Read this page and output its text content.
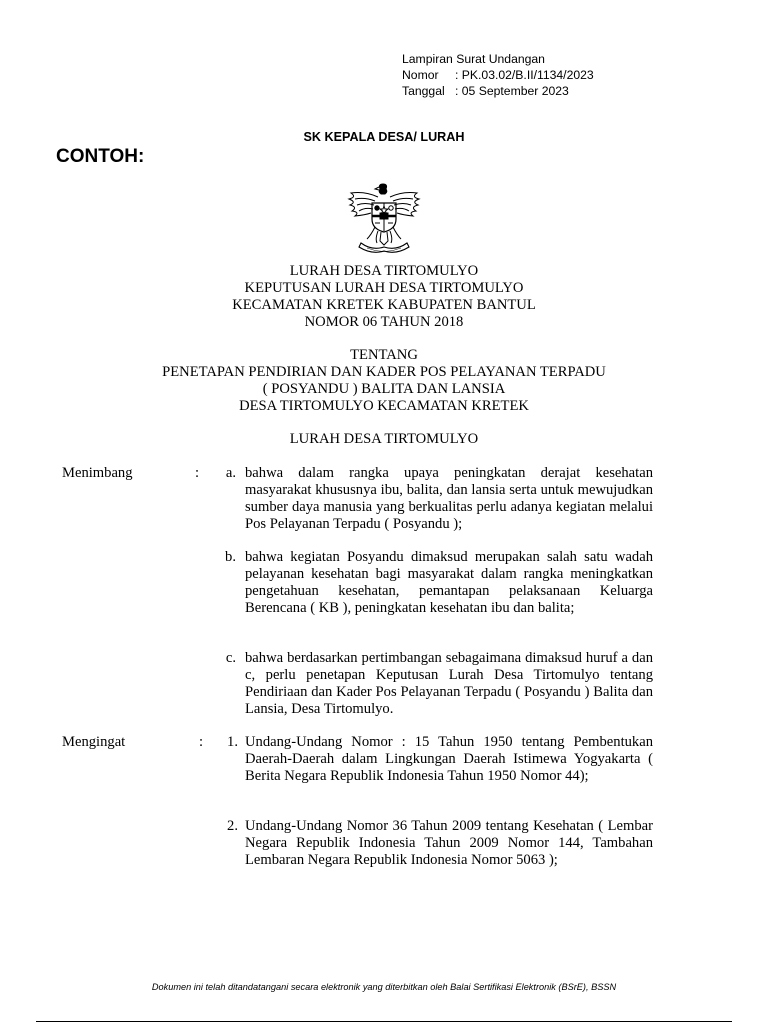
Lampiran Surat Undangan
Nomor : PK.03.02/B.II/1134/2023
Tanggal : 05 September 2023
SK KEPALA DESA/ LURAH
CONTOH:
LURAH DESA TIRTOMULYO
KEPUTUSAN LURAH DESA TIRTOMULYO
KECAMATAN KRETEK KABUPATEN BANTUL
NOMOR 06 TAHUN 2018
TENTANG
PENETAPAN PENDIRIAN DAN KADER POS PELAYANAN TERPADU
( POSYANDU ) BALITA DAN LANSIA
DESA TIRTOMULYO KECAMATAN KRETEK
LURAH DESA TIRTOMULYO
Menimbang	:	a. bahwa dalam rangka upaya peningkatan derajat kesehatan masyarakat khususnya ibu, balita, dan lansia serta untuk mewujudkan sumber daya manusia yang berkualitas perlu adanya kegiatan melalui Pos Pelayanan Terpadu ( Posyandu );
b. bahwa kegiatan Posyandu dimaksud merupakan salah satu wadah pelayanan kesehatan bagi masyarakat dalam rangka meningkatkan pengetahuan kesehatan, pemantapan pelaksanaan Keluarga Berencana ( KB ), peningkatan kesehatan ibu dan balita;
c. bahwa berdasarkan pertimbangan sebagaimana dimaksud huruf a dan c, perlu penetapan Keputusan Lurah Desa Tirtomulyo tentang Pendiriaan dan Kader Pos Pelayanan Terpadu ( Posyandu ) Balita dan Lansia, Desa Tirtomulyo.
Mengingat	:	1. Undang-Undang Nomor : 15 Tahun 1950 tentang Pembentukan Daerah-Daerah dalam Lingkungan Daerah Istimewa Yogyakarta ( Berita Negara Republik Indonesia Tahun 1950 Nomor 44);
2. Undang-Undang Nomor 36 Tahun 2009 tentang Kesehatan ( Lembar Negara Republik Indonesia Tahun 2009 Nomor 144, Tambahan Lembaran Negara Republik Indonesia Nomor 5063 );
Dokumen ini telah ditandatangani secara elektronik yang diterbitkan oleh Balai Sertifikasi Elektronik (BSrE), BSSN
